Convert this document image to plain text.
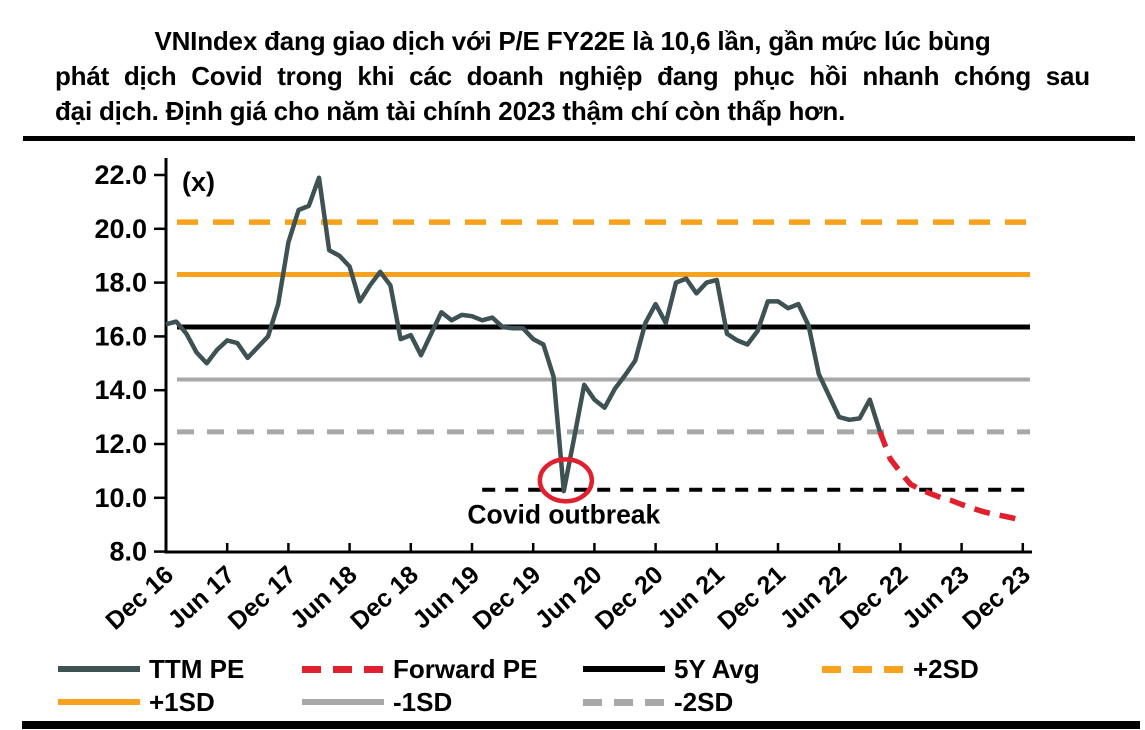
VNIndex đang giao dịch với P/E FY22E là 10,6 lần, gần mức lúc bùng
phát dịch Covid trong khi các doanh nghiệp đang phục hồi nhanh chóng sau
đại dịch. Định giá cho năm tài chính 2023 thậm chí còn thấp hơn.
8.0
10.0
12.0
14.0
16.0
18.0
20.0
22.0
Dec 16
Jun 17
Dec 17
Jun 18
Dec 18
Jun 19
Dec 19
Jun 20
Dec 20
Jun 21
Dec 21
Jun 22
Dec 22
Jun 23
Dec 23
(x)
Covid outbreak
TTM PE	Forward PE	5Y Avg	+2SD
+1SD	-1SD	-2SD
